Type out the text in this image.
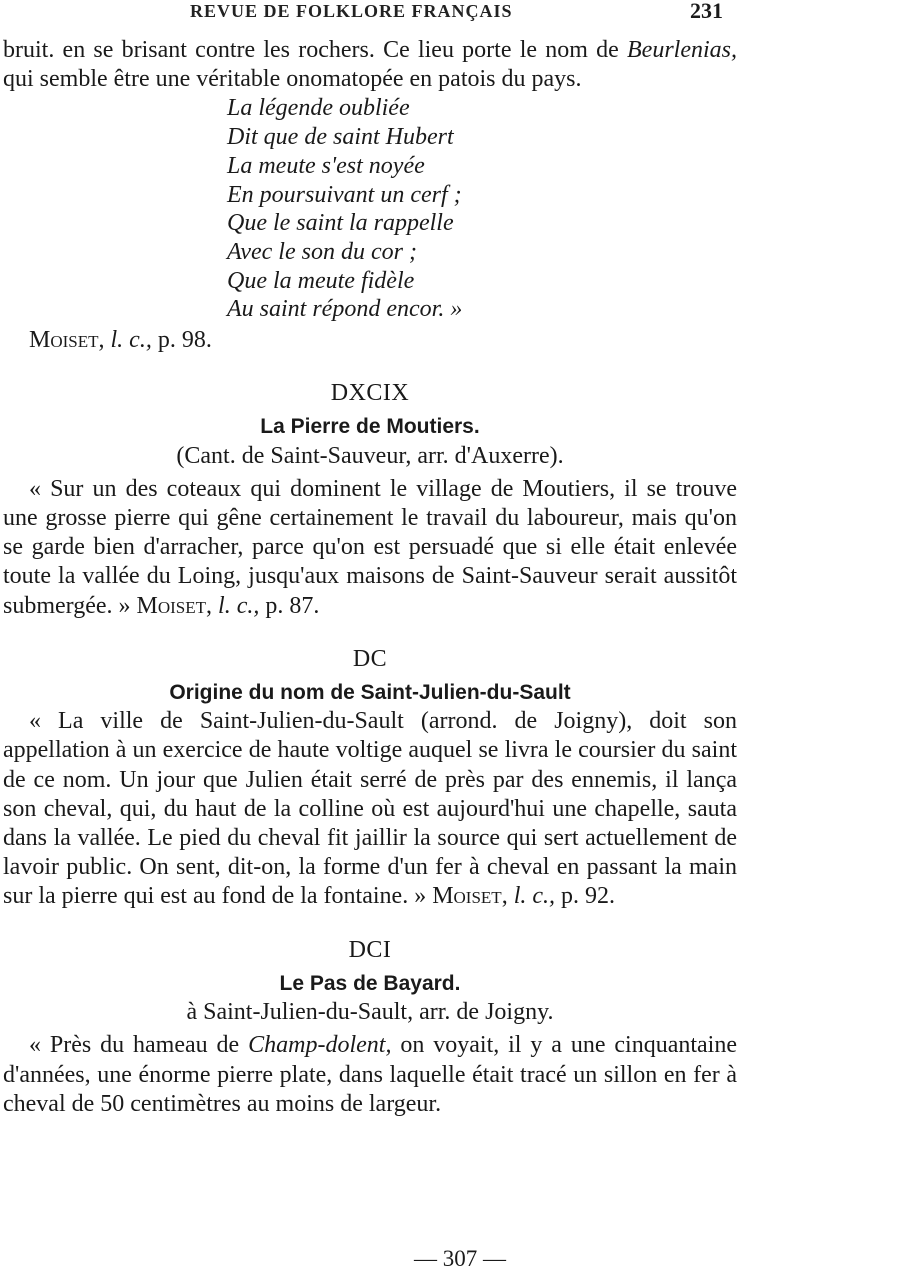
REVUE DE FOLKLORE FRANÇAIS	231

bruit. en se brisant contre les rochers. Ce lieu porte le nom de Beurlenias, qui semble être une véritable onomatopée en patois du pays.

La légende oubliée
Dit que de saint Hubert
La meute s'est noyée
En poursuivant un cerf ;
Que le saint la rappelle
Avec le son du cor ;
Que la meute fidèle
Au saint répond encor. »

Moiset, l. c., p. 98.

DXCIX

La Pierre de Moutiers.

(Cant. de Saint-Sauveur, arr. d'Auxerre).

« Sur un des coteaux qui dominent le village de Moutiers, il se trouve une grosse pierre qui gêne certainement le travail du laboureur, mais qu'on se garde bien d'arracher, parce qu'on est persuadé que si elle était enlevée toute la vallée du Loing, jusqu'aux maisons de Saint-Sauveur serait aussitôt submergée. » Moiset, l. c., p. 87.

DC

Origine du nom de Saint-Julien-du-Sault

« La ville de Saint-Julien-du-Sault (arrond. de Joigny), doit son appellation à un exercice de haute voltige auquel se livra le coursier du saint de ce nom. Un jour que Julien était serré de près par des ennemis, il lança son cheval, qui, du haut de la colline où est aujourd'hui une chapelle, sauta dans la vallée. Le pied du cheval fit jaillir la source qui sert actuellement de lavoir public. On sent, dit-on, la forme d'un fer à cheval en passant la main sur la pierre qui est au fond de la fontaine. » Moiset, l. c., p. 92.

DCI

Le Pas de Bayard.

à Saint-Julien-du-Sault, arr. de Joigny.

« Près du hameau de Champ-dolent, on voyait, il y a une cinquantaine d'années, une énorme pierre plate, dans laquelle était tracé un sillon en fer à cheval de 50 centimètres au moins de largeur.

— 307 —
